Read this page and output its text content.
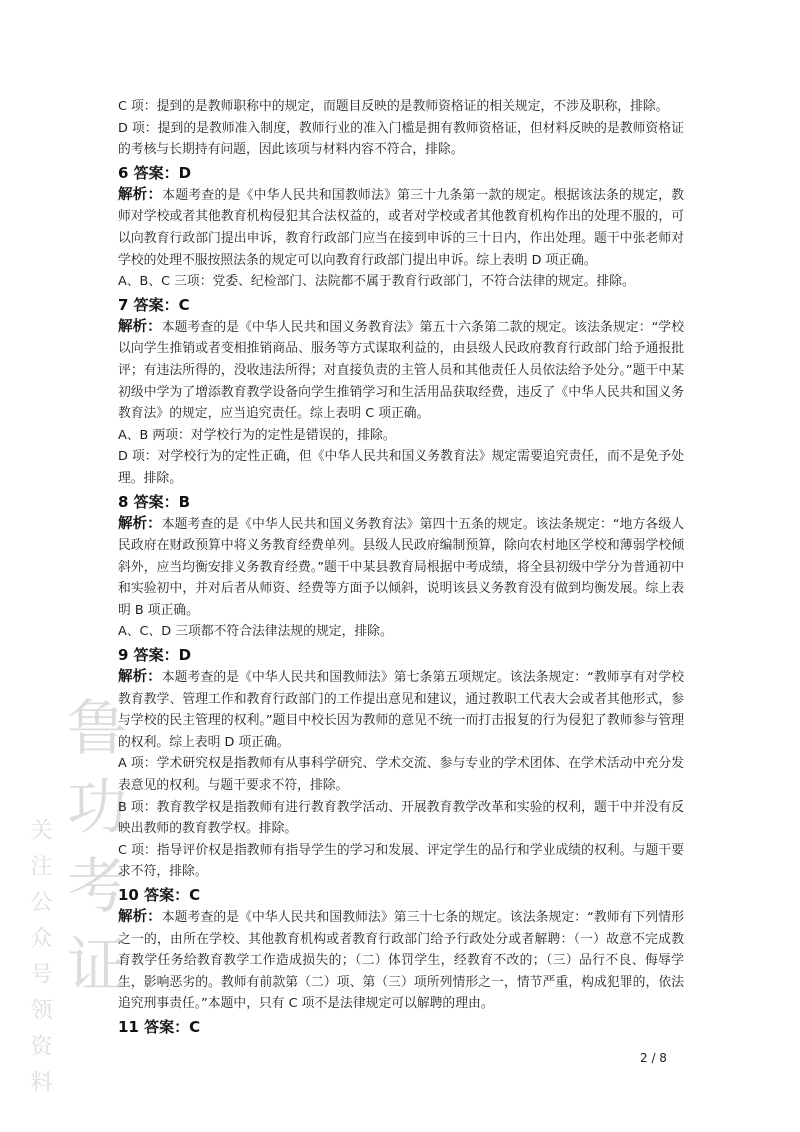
鲁 功 考 证
关注公众号领资料

C 项：提到的是教师职称中的规定，而题目反映的是教师资格证的相关规定，不涉及职称，排除。

D 项：提到的是教师准入制度，教师行业的准入门槛是拥有教师资格证，但材料反映的是教师资格证的考核与长期持有问题，因此该项与材料内容不符合，排除。

6 答案：D

解析：本题考查的是《中华人民共和国教师法》第三十九条第一款的规定。根据该法条的规定，教师对学校或者其他教育机构侵犯其合法权益的，或者对学校或者其他教育机构作出的处理不服的，可以向教育行政部门提出申诉，教育行政部门应当在接到申诉的三十日内，作出处理。题干中张老师对学校的处理不服按照法条的规定可以向教育行政部门提出申诉。综上表明 D 项正确。

A、B、C 三项：党委、纪检部门、法院都不属于教育行政部门，不符合法律的规定。排除。

7 答案：C

解析：本题考查的是《中华人民共和国义务教育法》第五十六条第二款的规定。该法条规定：“学校以向学生推销或者变相推销商品、服务等方式谋取利益的，由县级人民政府教育行政部门给予通报批评；有违法所得的，没收违法所得；对直接负责的主管人员和其他责任人员依法给予处分。”题干中某初级中学为了增添教育教学设备向学生推销学习和生活用品获取经费，违反了《中华人民共和国义务教育法》的规定，应当追究责任。综上表明 C 项正确。

A、B 两项：对学校行为的定性是错误的，排除。

D 项：对学校行为的定性正确，但《中华人民共和国义务教育法》规定需要追究责任，而不是免予处理。排除。

8 答案：B

解析：本题考查的是《中华人民共和国义务教育法》第四十五条的规定。该法条规定：“地方各级人民政府在财政预算中将义务教育经费单列。县级人民政府编制预算，除向农村地区学校和薄弱学校倾斜外，应当均衡安排义务教育经费。”题干中某县教育局根据中考成绩，将全县初级中学分为普通初中和实验初中，并对后者从师资、经费等方面予以倾斜，说明该县义务教育没有做到均衡发展。综上表明 B 项正确。

A、C、D 三项都不符合法律法规的规定，排除。

9 答案：D

解析：本题考查的是《中华人民共和国教师法》第七条第五项规定。该法条规定：“教师享有对学校教育教学、管理工作和教育行政部门的工作提出意见和建议，通过教职工代表大会或者其他形式，参与学校的民主管理的权利。”题目中校长因为教师的意见不统一而打击报复的行为侵犯了教师参与管理的权利。综上表明 D 项正确。

A 项：学术研究权是指教师有从事科学研究、学术交流、参与专业的学术团体、在学术活动中充分发表意见的权利。与题干要求不符，排除。

B 项：教育教学权是指教师有进行教育教学活动、开展教育教学改革和实验的权利，题干中并没有反映出教师的教育教学权。排除。

C 项：指导评价权是指教师有指导学生的学习和发展、评定学生的品行和学业成绩的权利。与题干要求不符，排除。

10 答案：C

解析：本题考查的是《中华人民共和国教师法》第三十七条的规定。该法条规定：“教师有下列情形之一的，由所在学校、其他教育机构或者教育行政部门给予行政处分或者解聘：（一）故意不完成教育教学任务给教育教学工作造成损失的；（二）体罚学生，经教育不改的；（三）品行不良、侮辱学生，影响恶劣的。教师有前款第（二）项、第（三）项所列情形之一，情节严重，构成犯罪的，依法追究刑事责任。”本题中，只有 C 项不是法律规定可以解聘的理由。

11 答案：C

2 / 8
